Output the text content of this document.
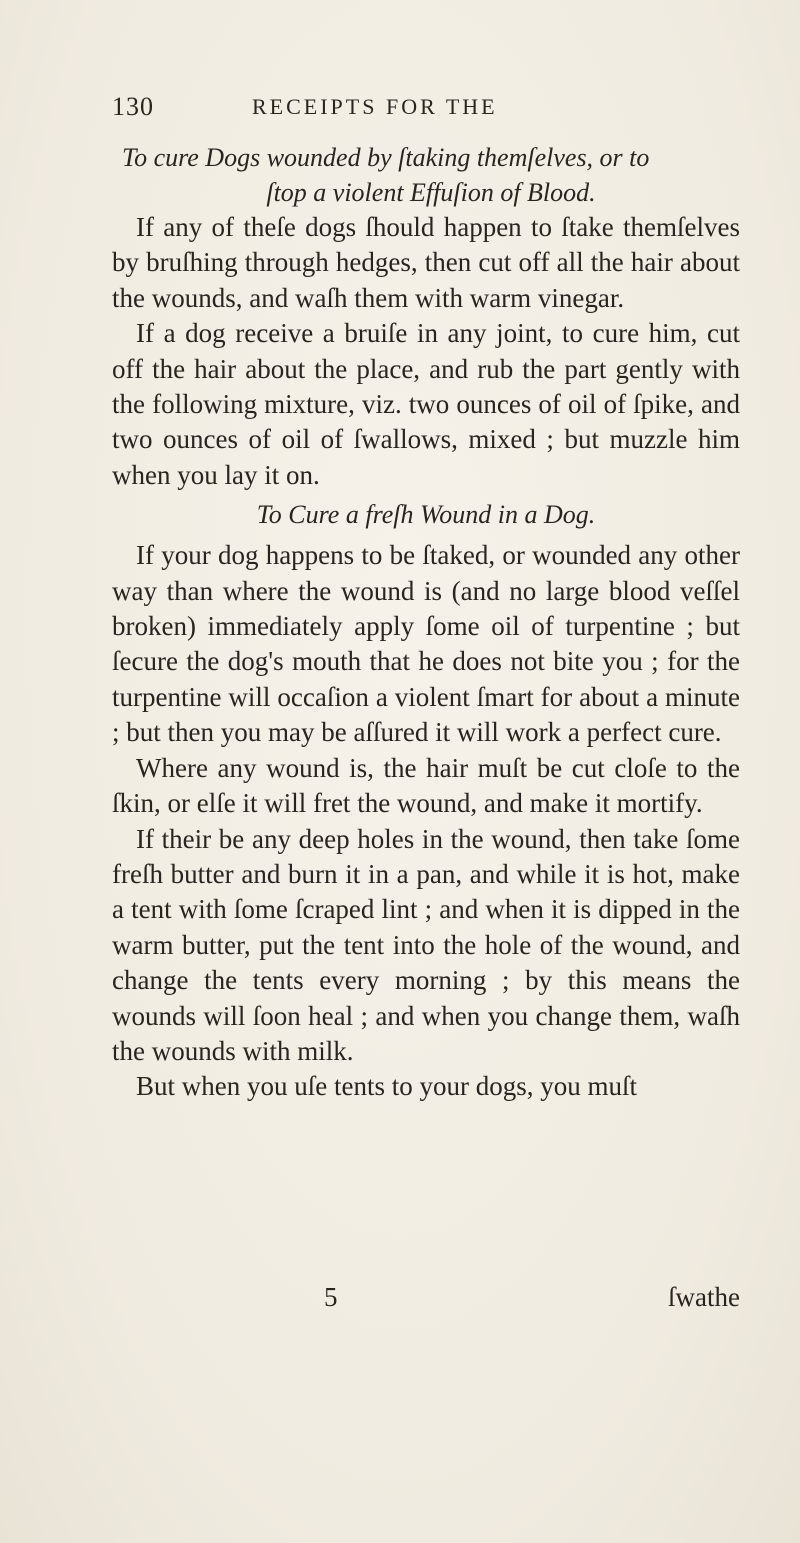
130	RECEIPTS FOR THE

To cure Dogs wounded by ſtaking themſelves, or to
ſtop a violent Effuſion of Blood.

If any of theſe dogs ſhould happen to ſtake themſelves by bruſhing through hedges, then cut off all the hair about the wounds, and waſh them with warm vinegar.

If a dog receive a bruiſe in any joint, to cure him, cut off the hair about the place, and rub the part gently with the following mixture, viz. two ounces of oil of ſpike, and two ounces of oil of ſwallows, mixed ; but muzzle him when you lay it on.

To Cure a freſh Wound in a Dog.

If your dog happens to be ſtaked, or wounded any other way than where the wound is (and no large blood veſſel broken) immediately apply ſome oil of turpentine ; but ſecure the dog's mouth that he does not bite you ; for the turpentine will occaſion a violent ſmart for about a minute ; but then you may be aſſured it will work a perfect cure.

Where any wound is, the hair muſt be cut cloſe to the ſkin, or elſe it will fret the wound, and make it mortify.

If their be any deep holes in the wound, then take ſome freſh butter and burn it in a pan, and while it is hot, make a tent with ſome ſcraped lint ; and when it is dipped in the warm butter, put the tent into the hole of the wound, and change the tents every morning ; by this means the wounds will ſoon heal ; and when you change them, waſh the wounds with milk.

But when you uſe tents to your dogs, you muſt

5	ſwathe
